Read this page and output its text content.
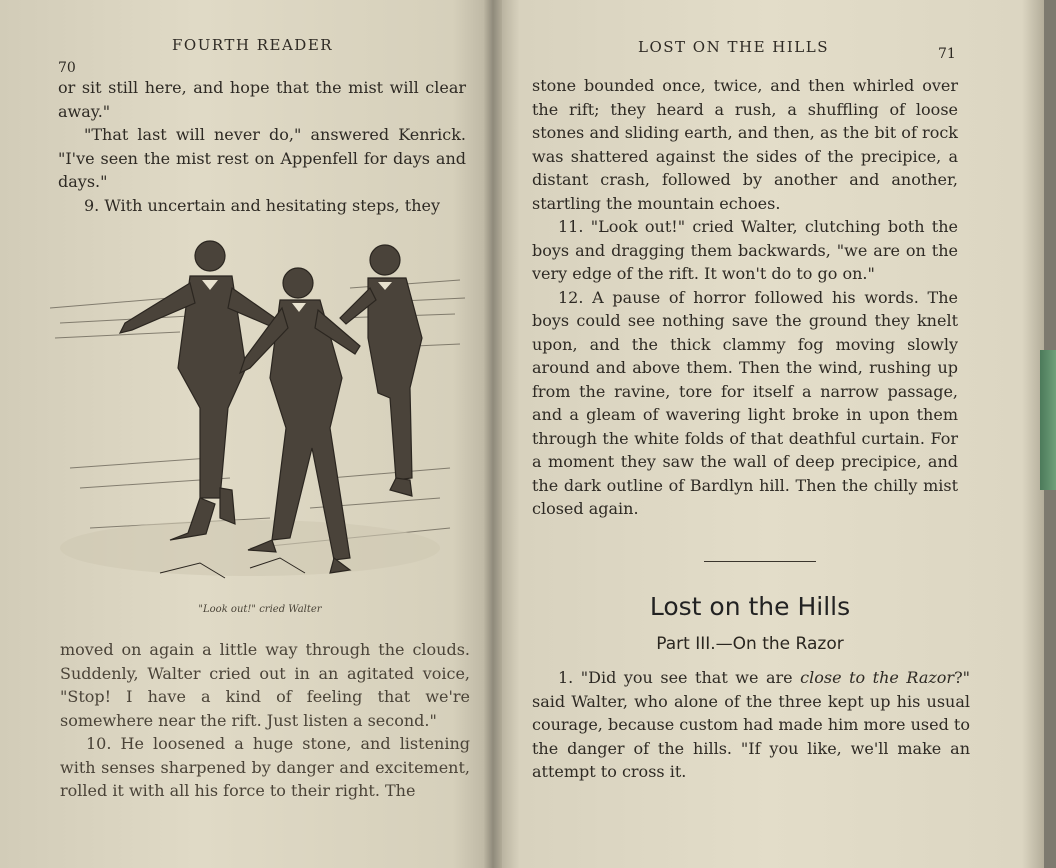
70
FOURTH READER

or sit still here, and hope that the mist will clear away."

"That last will never do," answered Kenrick. "I've seen the mist rest on Appenfell for days and days."

9. With uncertain and hesitating steps, they

"Look out!" cried Walter

moved on again a little way through the clouds. Suddenly, Walter cried out in an agitated voice, "Stop! I have a kind of feeling that we're somewhere near the rift. Just listen a second."

10. He loosened a huge stone, and listening with senses sharpened by danger and excitement, rolled it with all his force to their right. The

LOST ON THE HILLS	71

stone bounded once, twice, and then whirled over the rift; they heard a rush, a shuffling of loose stones and sliding earth, and then, as the bit of rock was shattered against the sides of the precipice, a distant crash, followed by another and another, startling the mountain echoes.

11. "Look out!" cried Walter, clutching both the boys and dragging them backwards, "we are on the very edge of the rift. It won't do to go on."

12. A pause of horror followed his words. The boys could see nothing save the ground they knelt upon, and the thick clammy fog moving slowly around and above them. Then the wind, rushing up from the ravine, tore for itself a narrow passage, and a gleam of wavering light broke in upon them through the white folds of that deathful curtain. For a moment they saw the wall of deep precipice, and the dark outline of Bardlyn hill. Then the chilly mist closed again.

Lost on the Hills
Part III.—On the Razor

1. "Did you see that we are close to the Razor?" said Walter, who alone of the three kept up his usual courage, because custom had made him more used to the danger of the hills. "If you like, we'll make an attempt to cross it.
